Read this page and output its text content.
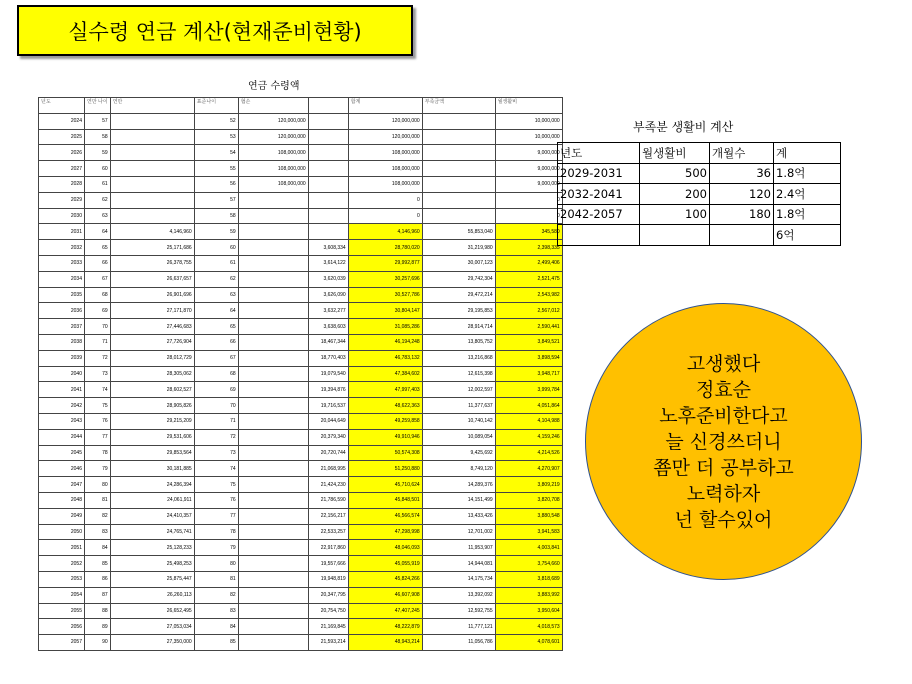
실수령 연금 계산(현재준비현황)
연금 수령액
년도	연만 나이	연만	표준나이	협손		합계	부족금액	월생활비
2024	57		52	120,000,000		120,000,000		10,000,000
2025	58		53	120,000,000		120,000,000		10,000,000
2026	59		54	108,000,000		108,000,000		9,000,000
2027	60		55	108,000,000		108,000,000		9,000,000
2028	61		56	108,000,000		108,000,000		9,000,000
2029	62		57			0		0
2030	63		58			0		0
2031	64	4,146,960	59			4,146,960	55,853,040	345,580
2032	65	25,171,686	60		3,608,334	28,780,020	31,219,980	2,398,335
2033	66	26,378,755	61		3,614,122	29,992,877	30,007,123	2,499,406
2034	67	26,637,657	62		3,620,039	30,257,696	29,742,304	2,521,475
2035	68	26,901,696	63		3,626,090	30,527,786	29,472,214	2,543,982
2036	69	27,171,870	64		3,632,277	30,804,147	29,195,853	2,567,012
2037	70	27,446,683	65		3,638,603	31,085,286	28,914,714	2,590,441
2038	71	27,726,904	66		18,467,344	46,194,248	13,805,752	3,849,521
2039	72	28,012,729	67		18,770,403	46,783,132	13,216,868	3,898,594
2040	73	28,305,062	68		19,079,540	47,384,602	12,615,398	3,948,717
2041	74	28,602,527	69		19,394,876	47,997,403	12,002,597	3,999,784
2042	75	28,905,826	70		19,716,537	48,622,363	11,377,637	4,051,864
2043	76	29,215,209	71		20,044,649	49,259,858	10,740,142	4,104,988
2044	77	29,531,606	72		20,379,340	49,910,946	10,089,054	4,159,246
2045	78	29,853,564	73		20,720,744	50,574,308	9,425,692	4,214,526
2046	79	30,181,885	74		21,068,995	51,250,880	8,749,120	4,270,907
2047	80	24,286,394	75		21,424,230	45,710,624	14,289,376	3,809,219
2048	81	24,061,911	76		21,786,590	45,848,501	14,151,499	3,820,708
2049	82	24,410,357	77		22,156,217	46,566,574	13,433,426	3,880,548
2050	83	24,765,741	78		22,533,257	47,298,998	12,701,002	3,941,583
2051	84	25,128,233	79		22,917,860	48,046,093	11,953,907	4,003,841
2052	85	25,498,253	80		19,557,666	45,055,919	14,944,081	3,754,660
2053	86	25,875,447	81		19,948,819	45,824,266	14,175,734	3,818,689
2054	87	26,260,113	82		20,347,795	46,607,908	13,392,092	3,883,992
2055	88	26,652,495	83		20,754,750	47,407,245	12,592,755	3,950,604
2056	89	27,053,034	84		21,169,845	48,222,879	11,777,121	4,018,573
2057	90	27,350,000	85		21,593,214	48,943,214	11,056,786	4,078,601
부족분 생활비 계산
년도	월생활비	개월수	계
2029-2031	500	36	1.8억
2032-2041	200	120	2.4억
2042-2057	100	180	1.8억
			6억
고생했다
정효순
노후준비한다고
늘 신경쓰더니
쬼만 더 공부하고
노력하자
넌 할수있어
